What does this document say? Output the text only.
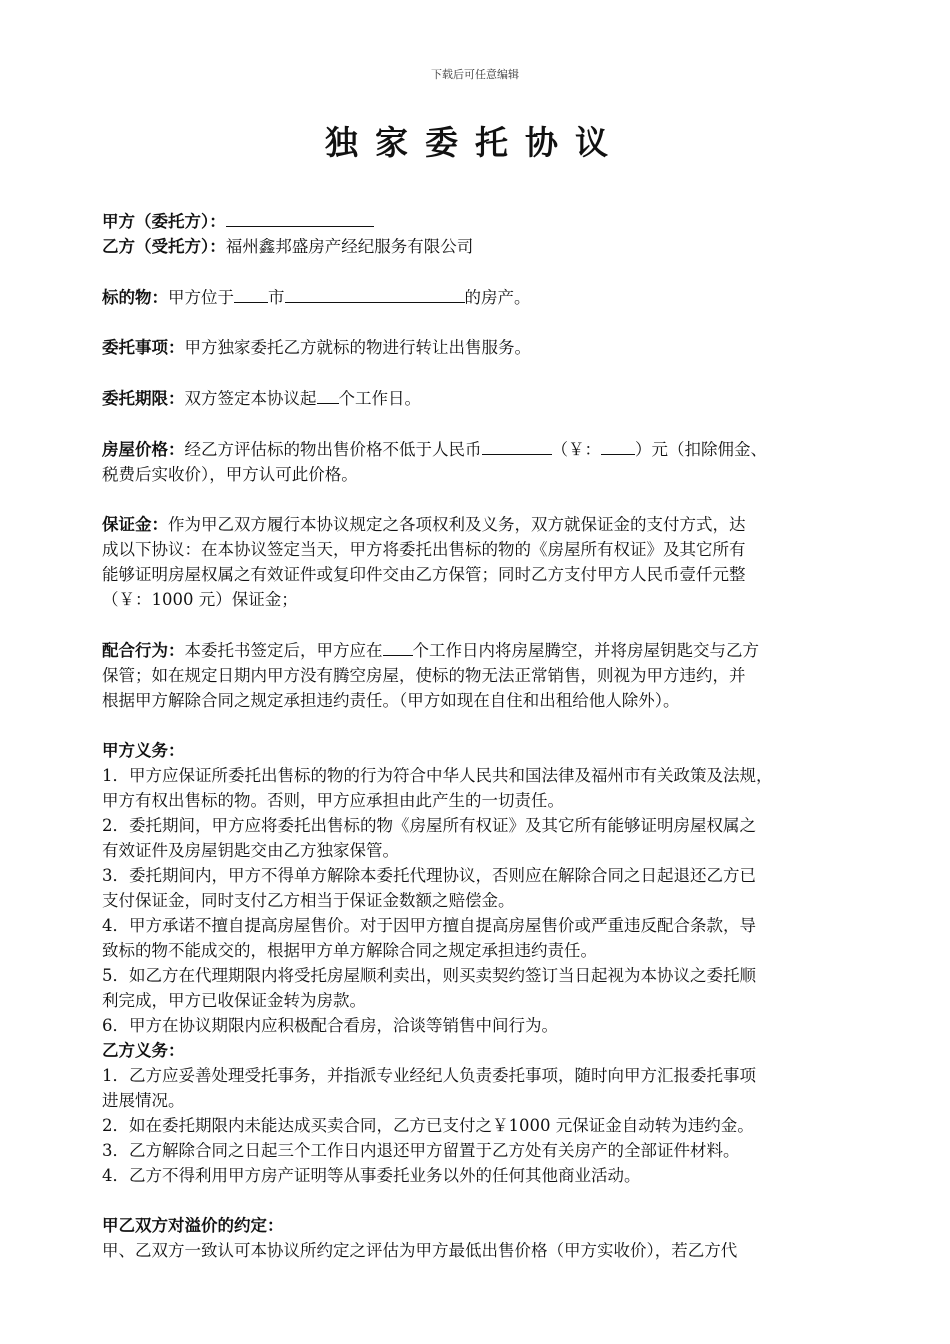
下载后可任意编辑
独家委托协议

甲方（委托方）：

乙方（受托方）：福州鑫邦盛房产经纪服务有限公司

标的物：甲方位于 市	的房产。

委托事项：甲方独家委托乙方就标的物进行转让出售服务。

委托期限：双方签定本协议起 个工作日。

房屋价格：经乙方评估标的物出售价格不低于人民币	（￥： ）元（扣除佣金、

税费后实收价），甲方认可此价格。

保证金：作为甲乙双方履行本协议规定之各项权利及义务，双方就保证金的支付方式，达

成以下协议：在本协议签定当天，甲方将委托出售标的物的《房屋所有权证》及其它所有

能够证明房屋权属之有效证件或复印件交由乙方保管；同时乙方支付甲方人民币壹仟元整

（￥：1000 元）保证金；

配合行为：本委托书签定后，甲方应在 个工作日内将房屋腾空，并将房屋钥匙交与乙方

保管；如在规定日期内甲方没有腾空房屋，使标的物无法正常销售，则视为甲方违约，并

根据甲方解除合同之规定承担违约责任。（甲方如现在自住和出租给他人除外）。

甲方义务：

1．甲方应保证所委托出售标的物的行为符合中华人民共和国法律及福州市有关政策及法规，

甲方有权出售标的物。否则，甲方应承担由此产生的一切责任。

2．委托期间，甲方应将委托出售标的物《房屋所有权证》及其它所有能够证明房屋权属之

有效证件及房屋钥匙交由乙方独家保管。

3．委托期间内，甲方不得单方解除本委托代理协议，否则应在解除合同之日起退还乙方已

支付保证金，同时支付乙方相当于保证金数额之赔偿金。

4．甲方承诺不擅自提高房屋售价。对于因甲方擅自提高房屋售价或严重违反配合条款，导

致标的物不能成交的，根据甲方单方解除合同之规定承担违约责任。

5．如乙方在代理期限内将受托房屋顺利卖出，则买卖契约签订当日起视为本协议之委托顺

利完成，甲方已收保证金转为房款。

6．甲方在协议期限内应积极配合看房，洽谈等销售中间行为。

乙方义务：

1．乙方应妥善处理受托事务，并指派专业经纪人负责委托事项，随时向甲方汇报委托事项

进展情况。

2．如在委托期限内未能达成买卖合同，乙方已支付之￥1000 元保证金自动转为违约金。

3．乙方解除合同之日起三个工作日内退还甲方留置于乙方处有关房产的全部证件材料。

4．乙方不得利用甲方房产证明等从事委托业务以外的任何其他商业活动。

甲乙双方对溢价的约定：

甲、乙双方一致认可本协议所约定之评估为甲方最低出售价格（甲方实收价），若乙方代
